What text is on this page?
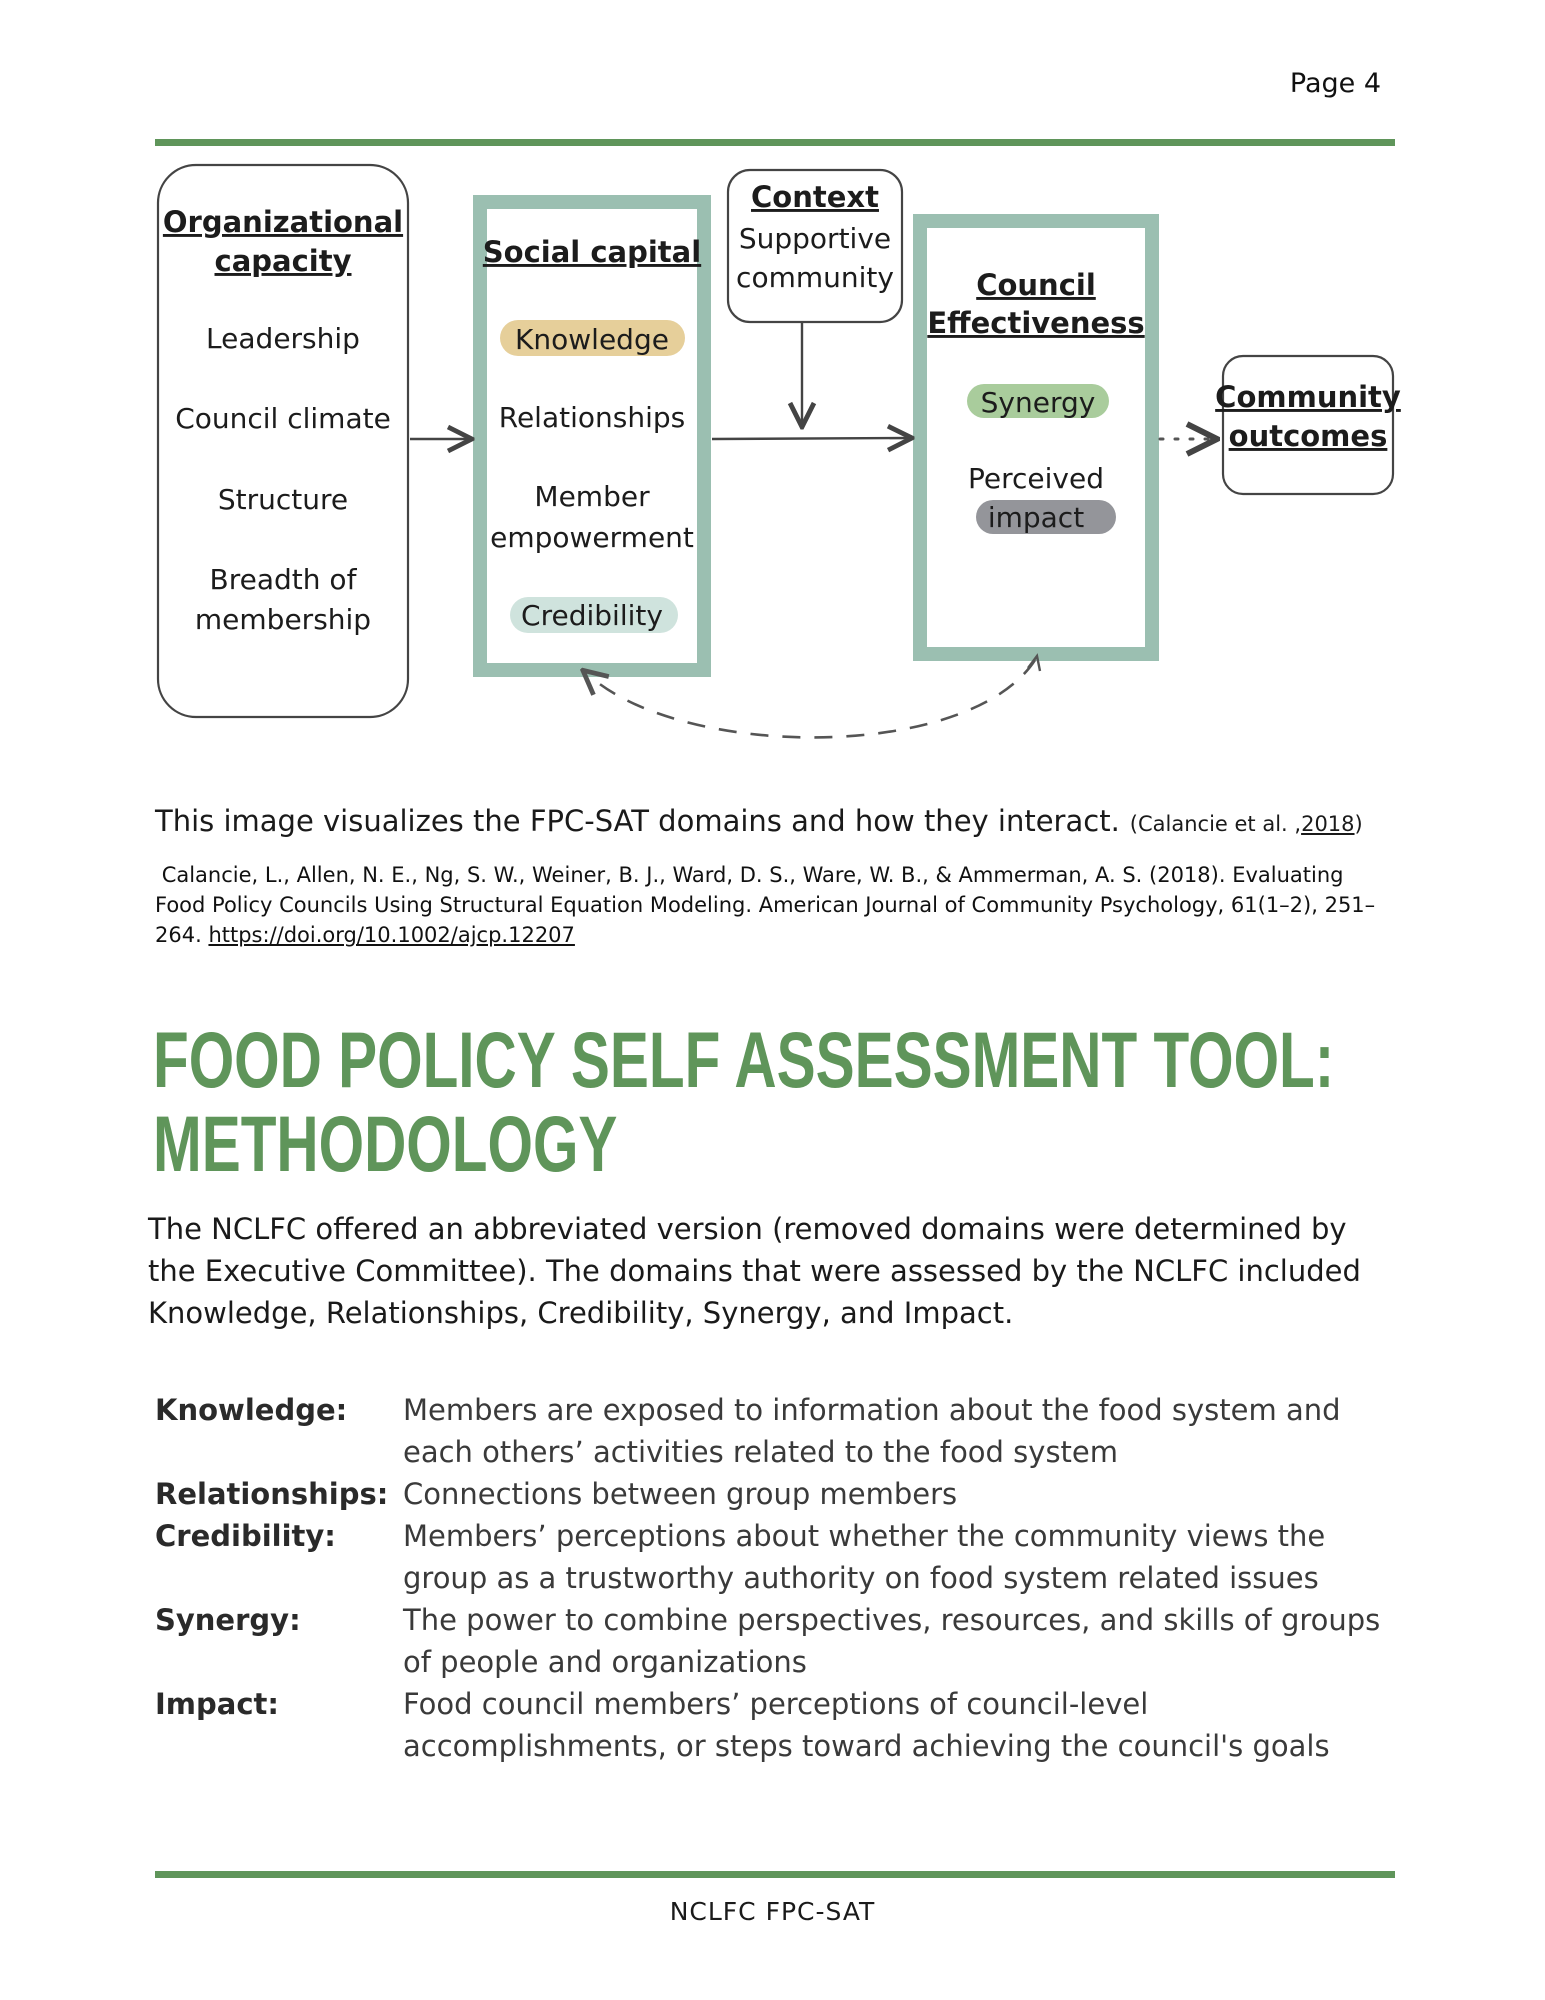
Page 4
Organizational
capacity
Leadership
Council climate
Structure
Breadth of
membership
Social capital
Knowledge
Relationships
Member
empowerment
Credibility
Context
Supportive
community	Council
Effectiveness
Synergy
Perceived
impact
Community
outcomes
This image visualizes the FPC-SAT domains and how they interact. (Calancie et al. ,2018)
Calancie, L., Allen, N. E., Ng, S. W., Weiner, B. J., Ward, D. S., Ware, W. B., & Ammerman, A. S. (2018). Evaluating Food Policy Councils Using Structural Equation Modeling. American Journal of Community Psychology, 61(1–2), 251–264. https://doi.org/10.1002/ajcp.12207
FOOD POLICY SELF ASSESSMENT TOOL:
METHODOLOGY
The NCLFC offered an abbreviated version (removed domains were determined by the Executive Committee). The domains that were assessed by the NCLFC included Knowledge, Relationships, Credibility, Synergy, and Impact.
Knowledge:	Members are exposed to information about the food system and each others’ activities related to the food system
Relationships: Connections between group members
Credibility:	Members’ perceptions about whether the community views the group as a trustworthy authority on food system related issues
Synergy:	The power to combine perspectives, resources, and skills of groups of people and organizations
Impact:	Food council members’ perceptions of council-level accomplishments, or steps toward achieving the council's goals
NCLFC FPC-SAT
